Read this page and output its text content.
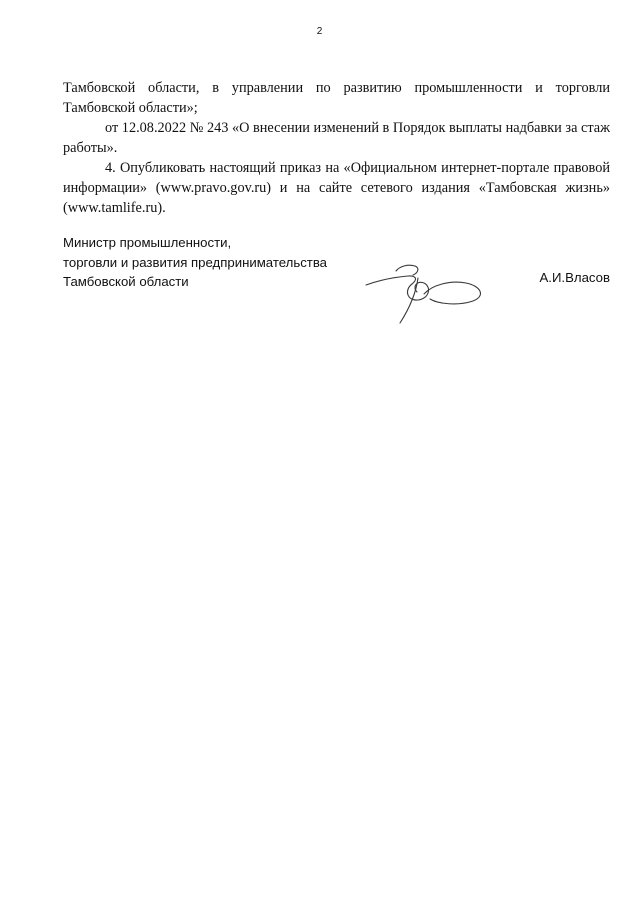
2

Тамбовской области, в управлении по развитию промышленности и торговли Тамбовской области»;

от 12.08.2022 № 243 «О внесении изменений в Порядок выплаты надбавки за стаж работы».

4. Опубликовать настоящий приказ на «Официальном интернет-портале правовой информации» (www.pravo.gov.ru) и на сайте сетевого издания «Тамбовская жизнь» (www.tamlife.ru).

Министр промышленности,
торговли и развития предпринимательства
Тамбовской области	А.И.Власов
